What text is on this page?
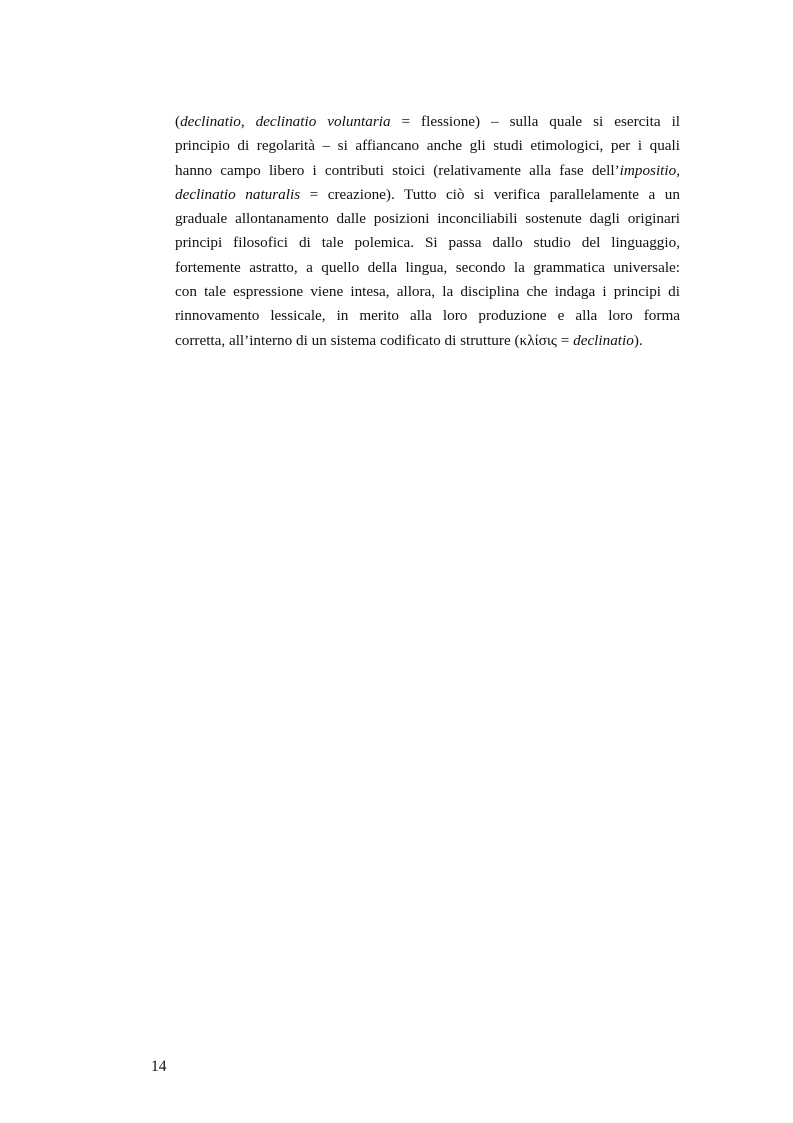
(declinatio, declinatio voluntaria = flessione) – sulla quale si esercita il
principio di regolarità – si affiancano anche gli studi etimologici, per i quali
hanno campo libero i contributi stoici (relativamente alla fase dell’impositio,
declinatio naturalis = creazione). Tutto ciò si verifica parallelamente a un
graduale allontanamento dalle posizioni inconciliabili sostenute dagli originari
principi filosofici di tale polemica. Si passa dallo studio del linguaggio,
fortemente astratto, a quello della lingua, secondo la grammatica universale:
con tale espressione viene intesa, allora, la disciplina che indaga i principi di
rinnovamento lessicale, in merito alla loro produzione e alla loro forma
corretta, all’interno di un sistema codificato di strutture (κλίσις = declinatio).
14
